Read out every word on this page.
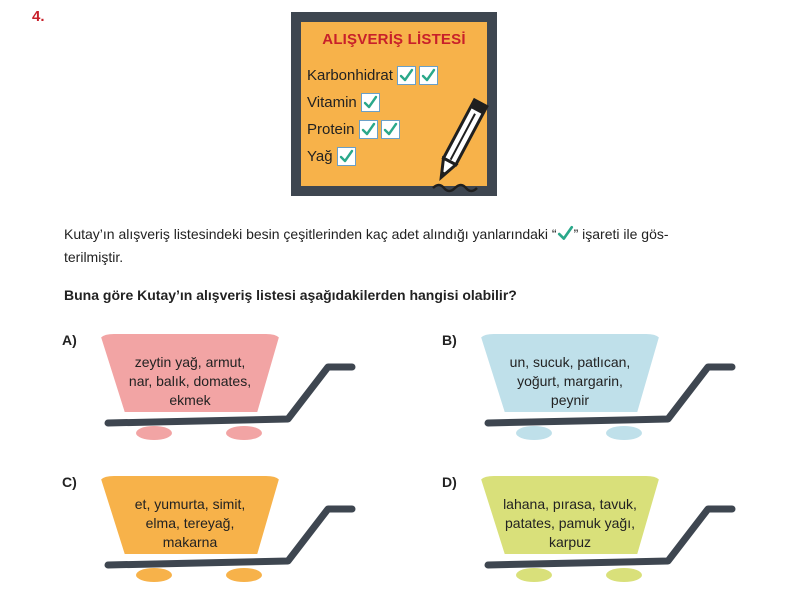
4.
ALIŞVERİŞ LİSTESİ
Karbonhidrat
Vitamin
Protein
Yağ
Kutay’ın alışveriş listesindeki besin çeşitlerinden kaç adet alındığı yanlarındaki “ ” işareti ile gös-
terilmiştir.
Buna göre Kutay’ın alışveriş listesi aşağıdakilerden hangisi olabilir?
A)
zeytin yağ, armut,
nar, balık, domates,
ekmek
B)
un, sucuk, patlıcan,
yoğurt, margarin,
peynir
C)
et, yumurta, simit,
elma, tereyağ,
makarna
D)
lahana, pırasa, tavuk,
patates, pamuk yağı,
karpuz
